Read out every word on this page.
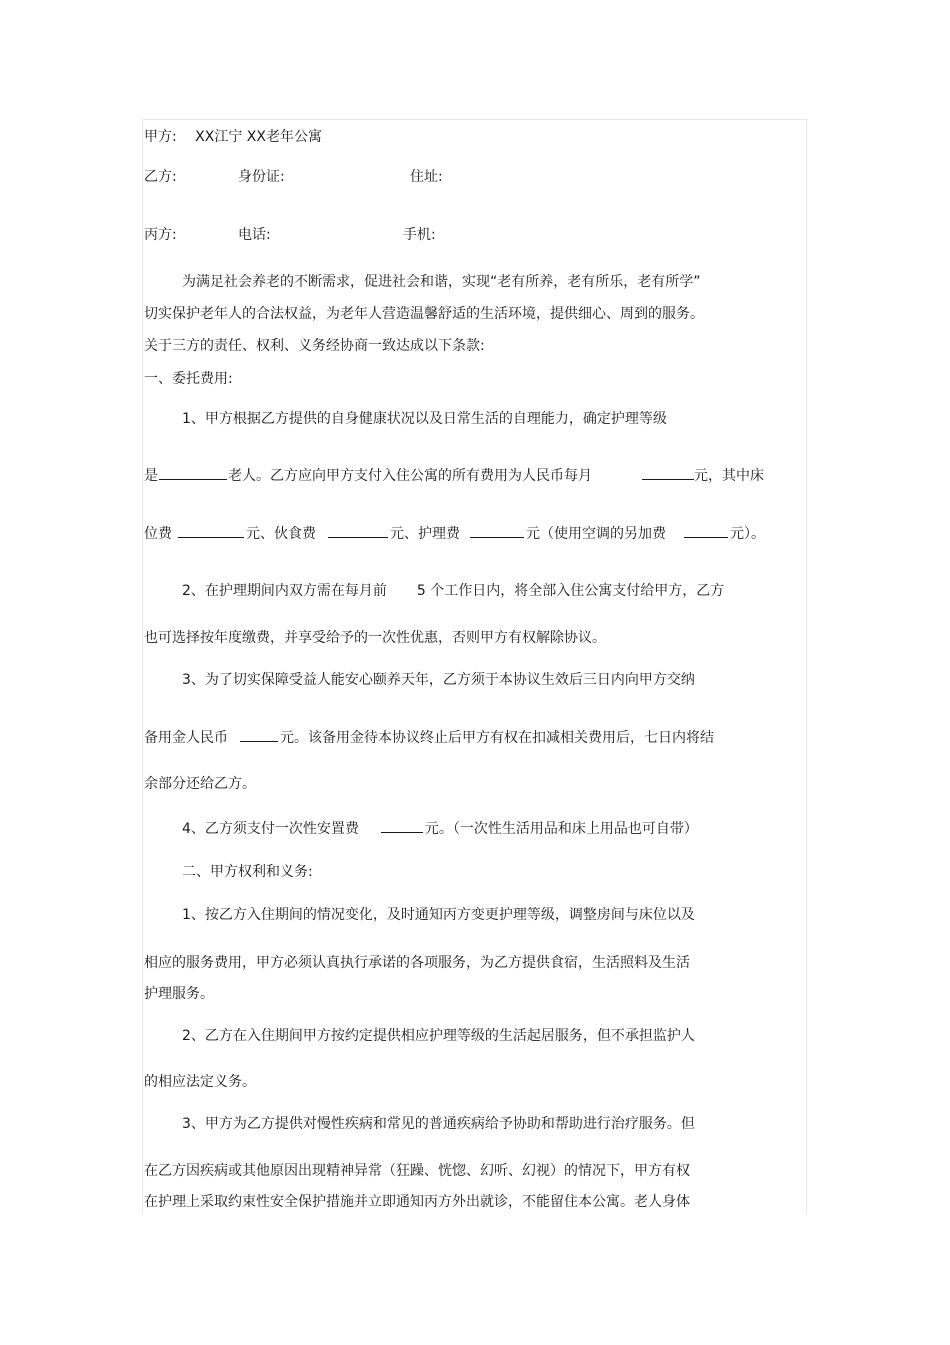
甲方: XX江宁 XX老年公寓
乙方:	身份证:	住址:
丙方:	电话:	手机:
为满足社会养老的不断需求，促进社会和谐，实现“老有所养，老有所乐，老有所学”
切实保护老年人的合法权益，为老年人营造温馨舒适的生活环境，提供细心、周到的服务。
关于三方的责任、权利、义务经协商一致达成以下条款:
一、委托费用:
1、甲方根据乙方提供的自身健康状况以及日常生活的自理能力，确定护理等级
是	老人。乙方应向甲方支付入住公寓的所有费用为人民币每月	元，其中床
位费	元、伙食费	元、护理费	元（使用空调的另加费	元）。
2、在护理期间内双方需在每月前 5 个工作日内，将全部入住公寓支付给甲方，乙方
也可选择按年度缴费，并享受给予的一次性优惠，否则甲方有权解除协议。
3、为了切实保障受益人能安心颐养天年，乙方须于本协议生效后三日内向甲方交纳
备用金人民币	元。该备用金待本协议终止后甲方有权在扣减相关费用后，七日内将结
余部分还给乙方。
4、乙方须支付一次性安置费	元。（一次性生活用品和床上用品也可自带）
二、甲方权利和义务:
1、按乙方入住期间的情况变化，及时通知丙方变更护理等级，调整房间与床位以及
相应的服务费用，甲方必须认真执行承诺的各项服务，为乙方提供食宿，生活照料及生活
护理服务。
2、乙方在入住期间甲方按约定提供相应护理等级的生活起居服务，但不承担监护人
的相应法定义务。
3、甲方为乙方提供对慢性疾病和常见的普通疾病给予协助和帮助进行治疗服务。但
在乙方因疾病或其他原因出现精神异常（狂躁、恍惚、幻听、幻视）的情况下，甲方有权
在护理上采取约束性安全保护措施并立即通知丙方外出就诊，不能留住本公寓。老人身体
